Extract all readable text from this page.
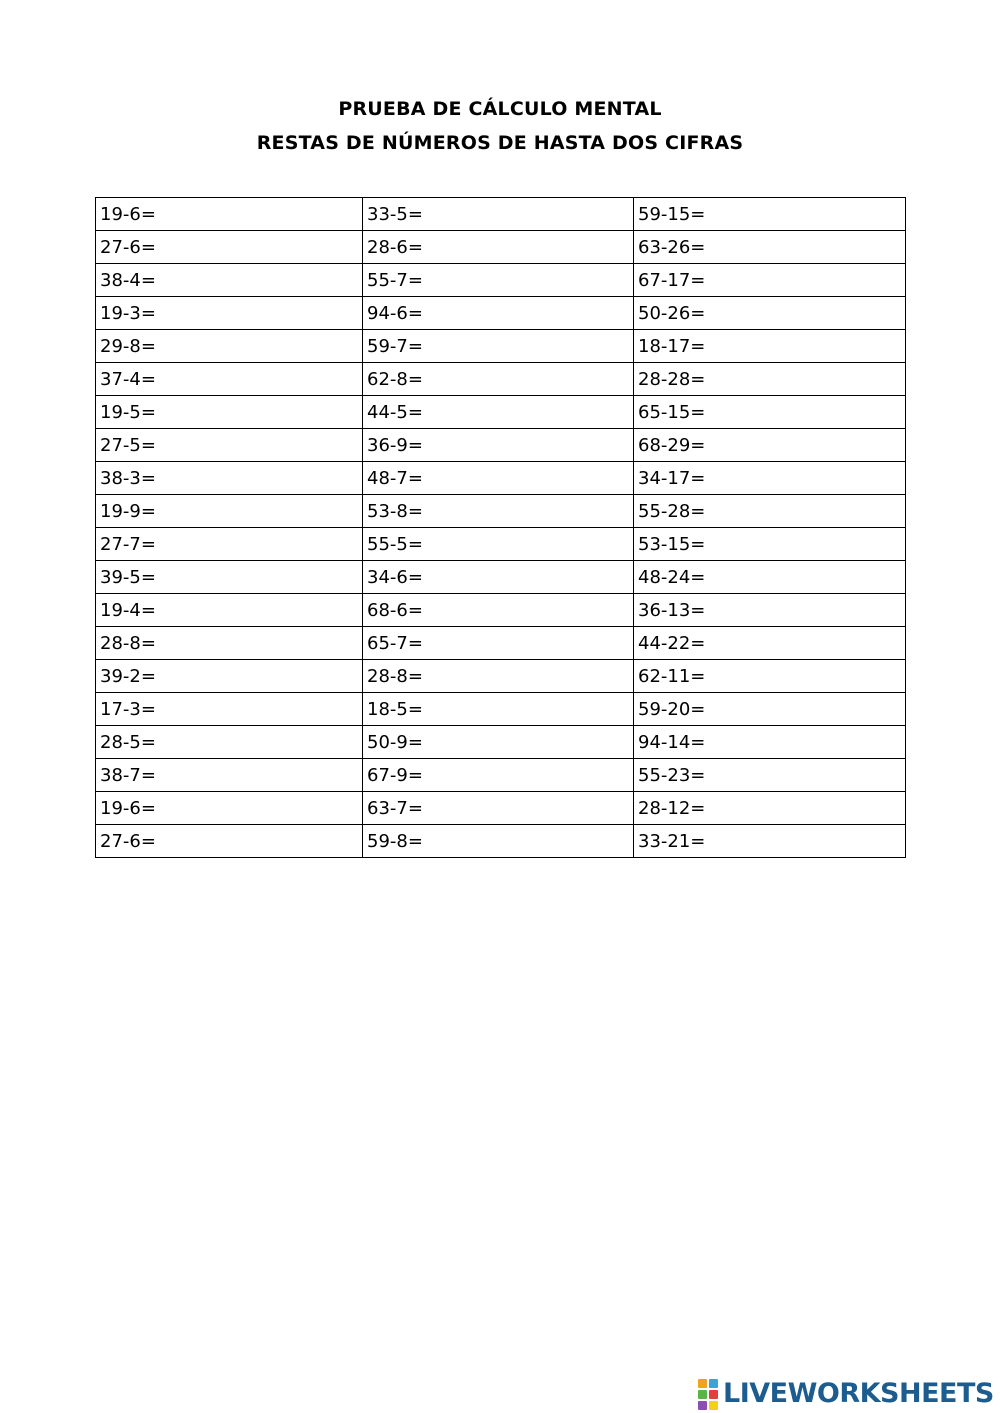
PRUEBA DE CÁLCULO MENTAL
RESTAS DE NÚMEROS DE HASTA DOS CIFRAS
19-6=	33-5=	59-15=
27-6=	28-6=	63-26=
38-4=	55-7=	67-17=
19-3=	94-6=	50-26=
29-8=	59-7=	18-17=
37-4=	62-8=	28-28=
19-5=	44-5=	65-15=
27-5=	36-9=	68-29=
38-3=	48-7=	34-17=
19-9=	53-8=	55-28=
27-7=	55-5=	53-15=
39-5=	34-6=	48-24=
19-4=	68-6=	36-13=
28-8=	65-7=	44-22=
39-2=	28-8=	62-11=
17-3=	18-5=	59-20=
28-5=	50-9=	94-14=
38-7=	67-9=	55-23=
19-6=	63-7=	28-12=
27-6=	59-8=	33-21=
LIVEWORKSHEETS
